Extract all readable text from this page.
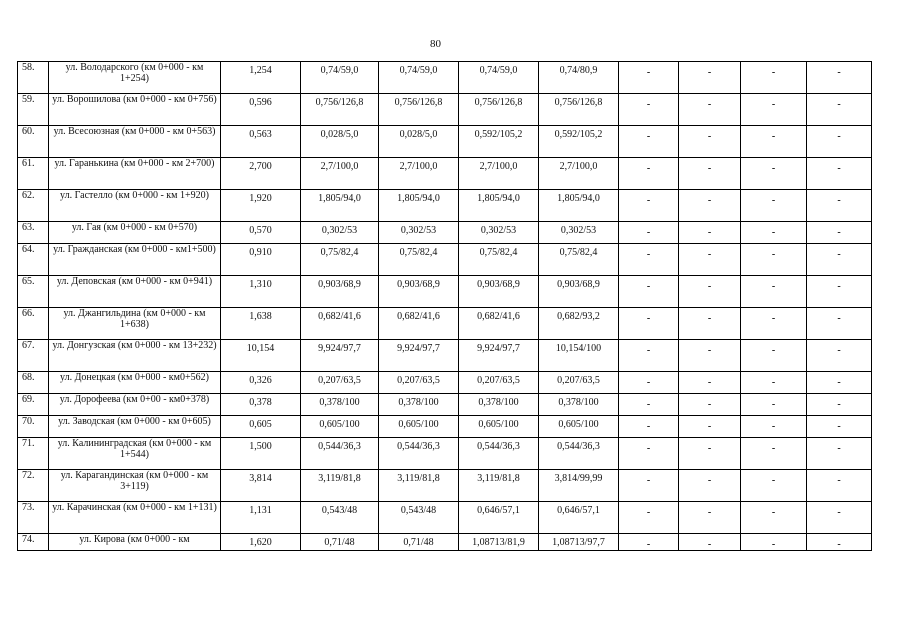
80
58.	ул. Володарского (км 0+000 - км 1+254)	1,254	0,74/59,0	0,74/59,0	0,74/59,0	0,74/80,9	-	-	-	-
59.	ул. Ворошилова (км 0+000 - км 0+756)	0,596	0,756/126,8	0,756/126,8	0,756/126,8	0,756/126,8	-	-	-	-
60.	ул. Всесоюзная (км 0+000 - км 0+563)	0,563	0,028/5,0	0,028/5,0	0,592/105,2	0,592/105,2	-	-	-	-
61.	ул. Гаранькина (км 0+000 - км 2+700)	2,700	2,7/100,0	2,7/100,0	2,7/100,0	2,7/100,0	-	-	-	-
62.	ул. Гастелло (км 0+000 - км 1+920)	1,920	1,805/94,0	1,805/94,0	1,805/94,0	1,805/94,0	-	-	-	-
63.	ул. Гая (км 0+000 - км 0+570)	0,570	0,302/53	0,302/53	0,302/53	0,302/53	-	-	-	-
64.	ул. Гражданская (км 0+000 - км1+500)	0,910	0,75/82,4	0,75/82,4	0,75/82,4	0,75/82,4	-	-	-	-
65.	ул. Деповская (км 0+000 - км 0+941)	1,310	0,903/68,9	0,903/68,9	0,903/68,9	0,903/68,9	-	-	-	-
66.	ул. Джангильдина (км 0+000 - км 1+638)	1,638	0,682/41,6	0,682/41,6	0,682/41,6	0,682/93,2	-	-	-	-
67.	ул. Донгузская (км 0+000 - км 13+232)	10,154	9,924/97,7	9,924/97,7	9,924/97,7	10,154/100	-	-	-	-
68.	ул. Донецкая (км 0+000 - км0+562)	0,326	0,207/63,5	0,207/63,5	0,207/63,5	0,207/63,5	-	-	-	-
69.	ул. Дорофеева (км 0+00 - км0+378)	0,378	0,378/100	0,378/100	0,378/100	0,378/100	-	-	-	-
70.	ул. Заводская (км 0+000 - км 0+605)	0,605	0,605/100	0,605/100	0,605/100	0,605/100	-	-	-	-
71.	ул. Калининградская (км 0+000 - км 1+544)	1,500	0,544/36,3	0,544/36,3	0,544/36,3	0,544/36,3	-	-	-	-
72.	ул. Карагандинская (км 0+000 - км 3+119)	3,814	3,119/81,8	3,119/81,8	3,119/81,8	3,814/99,99	-	-	-	-
73.	ул. Карачинская (км 0+000 - км 1+131)	1,131	0,543/48	0,543/48	0,646/57,1	0,646/57,1	-	-	-	-
74.	ул. Кирова (км 0+000 - км	1,620	0,71/48	0,71/48	1,08713/81,9	1,08713/97,7	-	-	-	-
